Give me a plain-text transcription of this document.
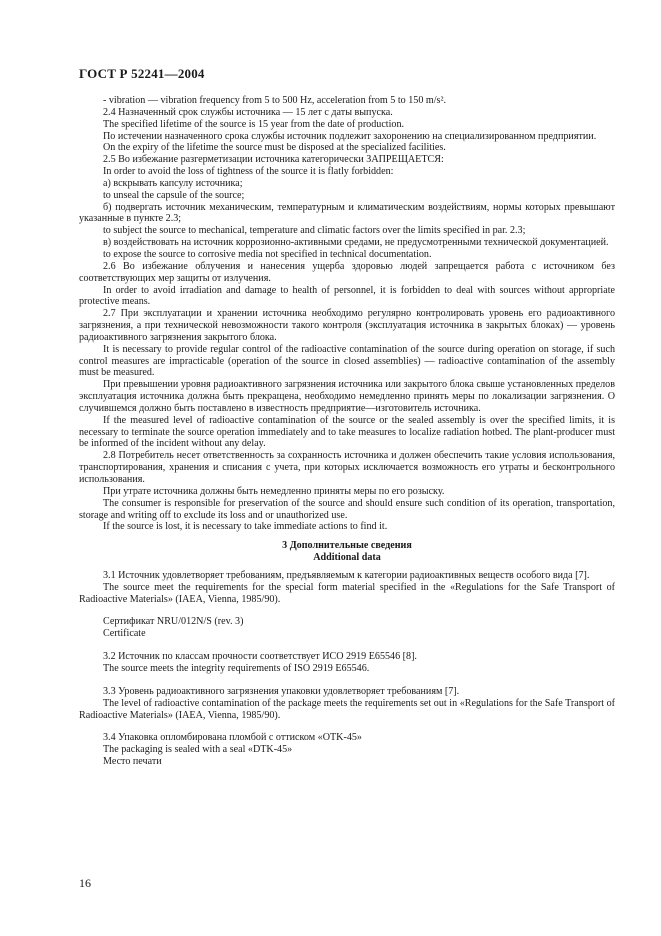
ГОСТ Р 52241—2004

- vibration — vibration frequency from 5 to 500 Hz, acceleration from 5 to 150 m/s².

2.4 Назначенный срок службы источника — 15 лет с даты выпуска.

The specified lifetime of the source is 15 year from the date of production.

По истечении назначенного срока службы источник подлежит захоронению на специализированном предприятии.

On the expiry of the lifetime the source must be disposed at the specialized facilities.

2.5 Во избежание разгерметизации источника категорически ЗАПРЕЩАЕТСЯ:

In order to avoid the loss of tightness of the source it is flatly forbidden:

а) вскрывать капсулу источника;

to unseal the capsule of the source;

б) подвергать источник механическим, температурным и климатическим воздействиям, нормы которых превышают указанные в пункте 2.3;

to subject the source to mechanical, temperature and climatic factors over the limits specified in par. 2.3;

в) воздействовать на источник коррозионно-активными средами, не предусмотренными технической документацией.

to expose the source to corrosive media not specified in technical documentation.

2.6 Во избежание облучения и нанесения ущерба здоровью людей запрещается работа с источником без соответствующих мер защиты от излучения.

In order to avoid irradiation and damage to health of personnel, it is forbidden to deal with sources without appropriate protective means.

2.7 При эксплуатации и хранении источника необходимо регулярно контролировать уровень его радиоактивного загрязнения, а при технической невозможности такого контроля (эксплуатация источника в закрытых блоках) — уровень радиоактивного загрязнения закрытого блока.

It is necessary to provide regular control of the radioactive contamination of the source during operation on storage, if such control measures are impracticable (operation of the source in closed assemblies) — radioactive contamination of the assembly must be measured.

При превышении уровня радиоактивного загрязнения источника или закрытого блока свыше установленных пределов эксплуатация источника должна быть прекращена, необходимо немедленно принять меры по локализации загрязнения. О случившемся должно быть поставлено в известность предприятие—изготовитель источника.

If the measured level of radioactive contamination of the source or the sealed assembly is over the specified limits, it is necessary to terminate the source operation immediately and to take measures to localize radiation hotbed. The plant-producer must be informed of the incident without any delay.

2.8 Потребитель несет ответственность за сохранность источника и должен обеспечить такие условия использования, транспортирования, хранения и списания с учета, при которых исключается возможность его утраты и бесконтрольного использования.

При утрате источника должны быть немедленно приняты меры по его розыску.

The consumer is responsible for preservation of the source and should ensure such condition of its operation, transportation, storage and writing off to exclude its loss and or unauthorized use.

If the source is lost, it is necessary to take immediate actions to find it.

3 Дополнительные сведения
Additional data

3.1 Источник удовлетворяет требованиям, предъявляемым к категории радиоактивных веществ особого вида [7].

The source meet the requirements for the special form material specified in the «Regulations for the Safe Transport of Radioactive Materials» (IAEA, Vienna, 1985/90).

Сертификат NRU/012N/S (rev. 3)

Certificate

3.2 Источник по классам прочности соответствует ИСО 2919 E65546 [8].

The source meets the integrity requirements of ISO 2919 E65546.

3.3 Уровень радиоактивного загрязнения упаковки удовлетворяет требованиям [7].

The level of radioactive contamination of the package meets the requirements set out in «Regulations for the Safe Transport of Radioactive Materials» (IAEA, Vienna, 1985/90).

3.4 Упаковка опломбирована пломбой с оттиском «OTK-45»

The packaging is sealed with a seal «DTK-45»

Место печати

16
